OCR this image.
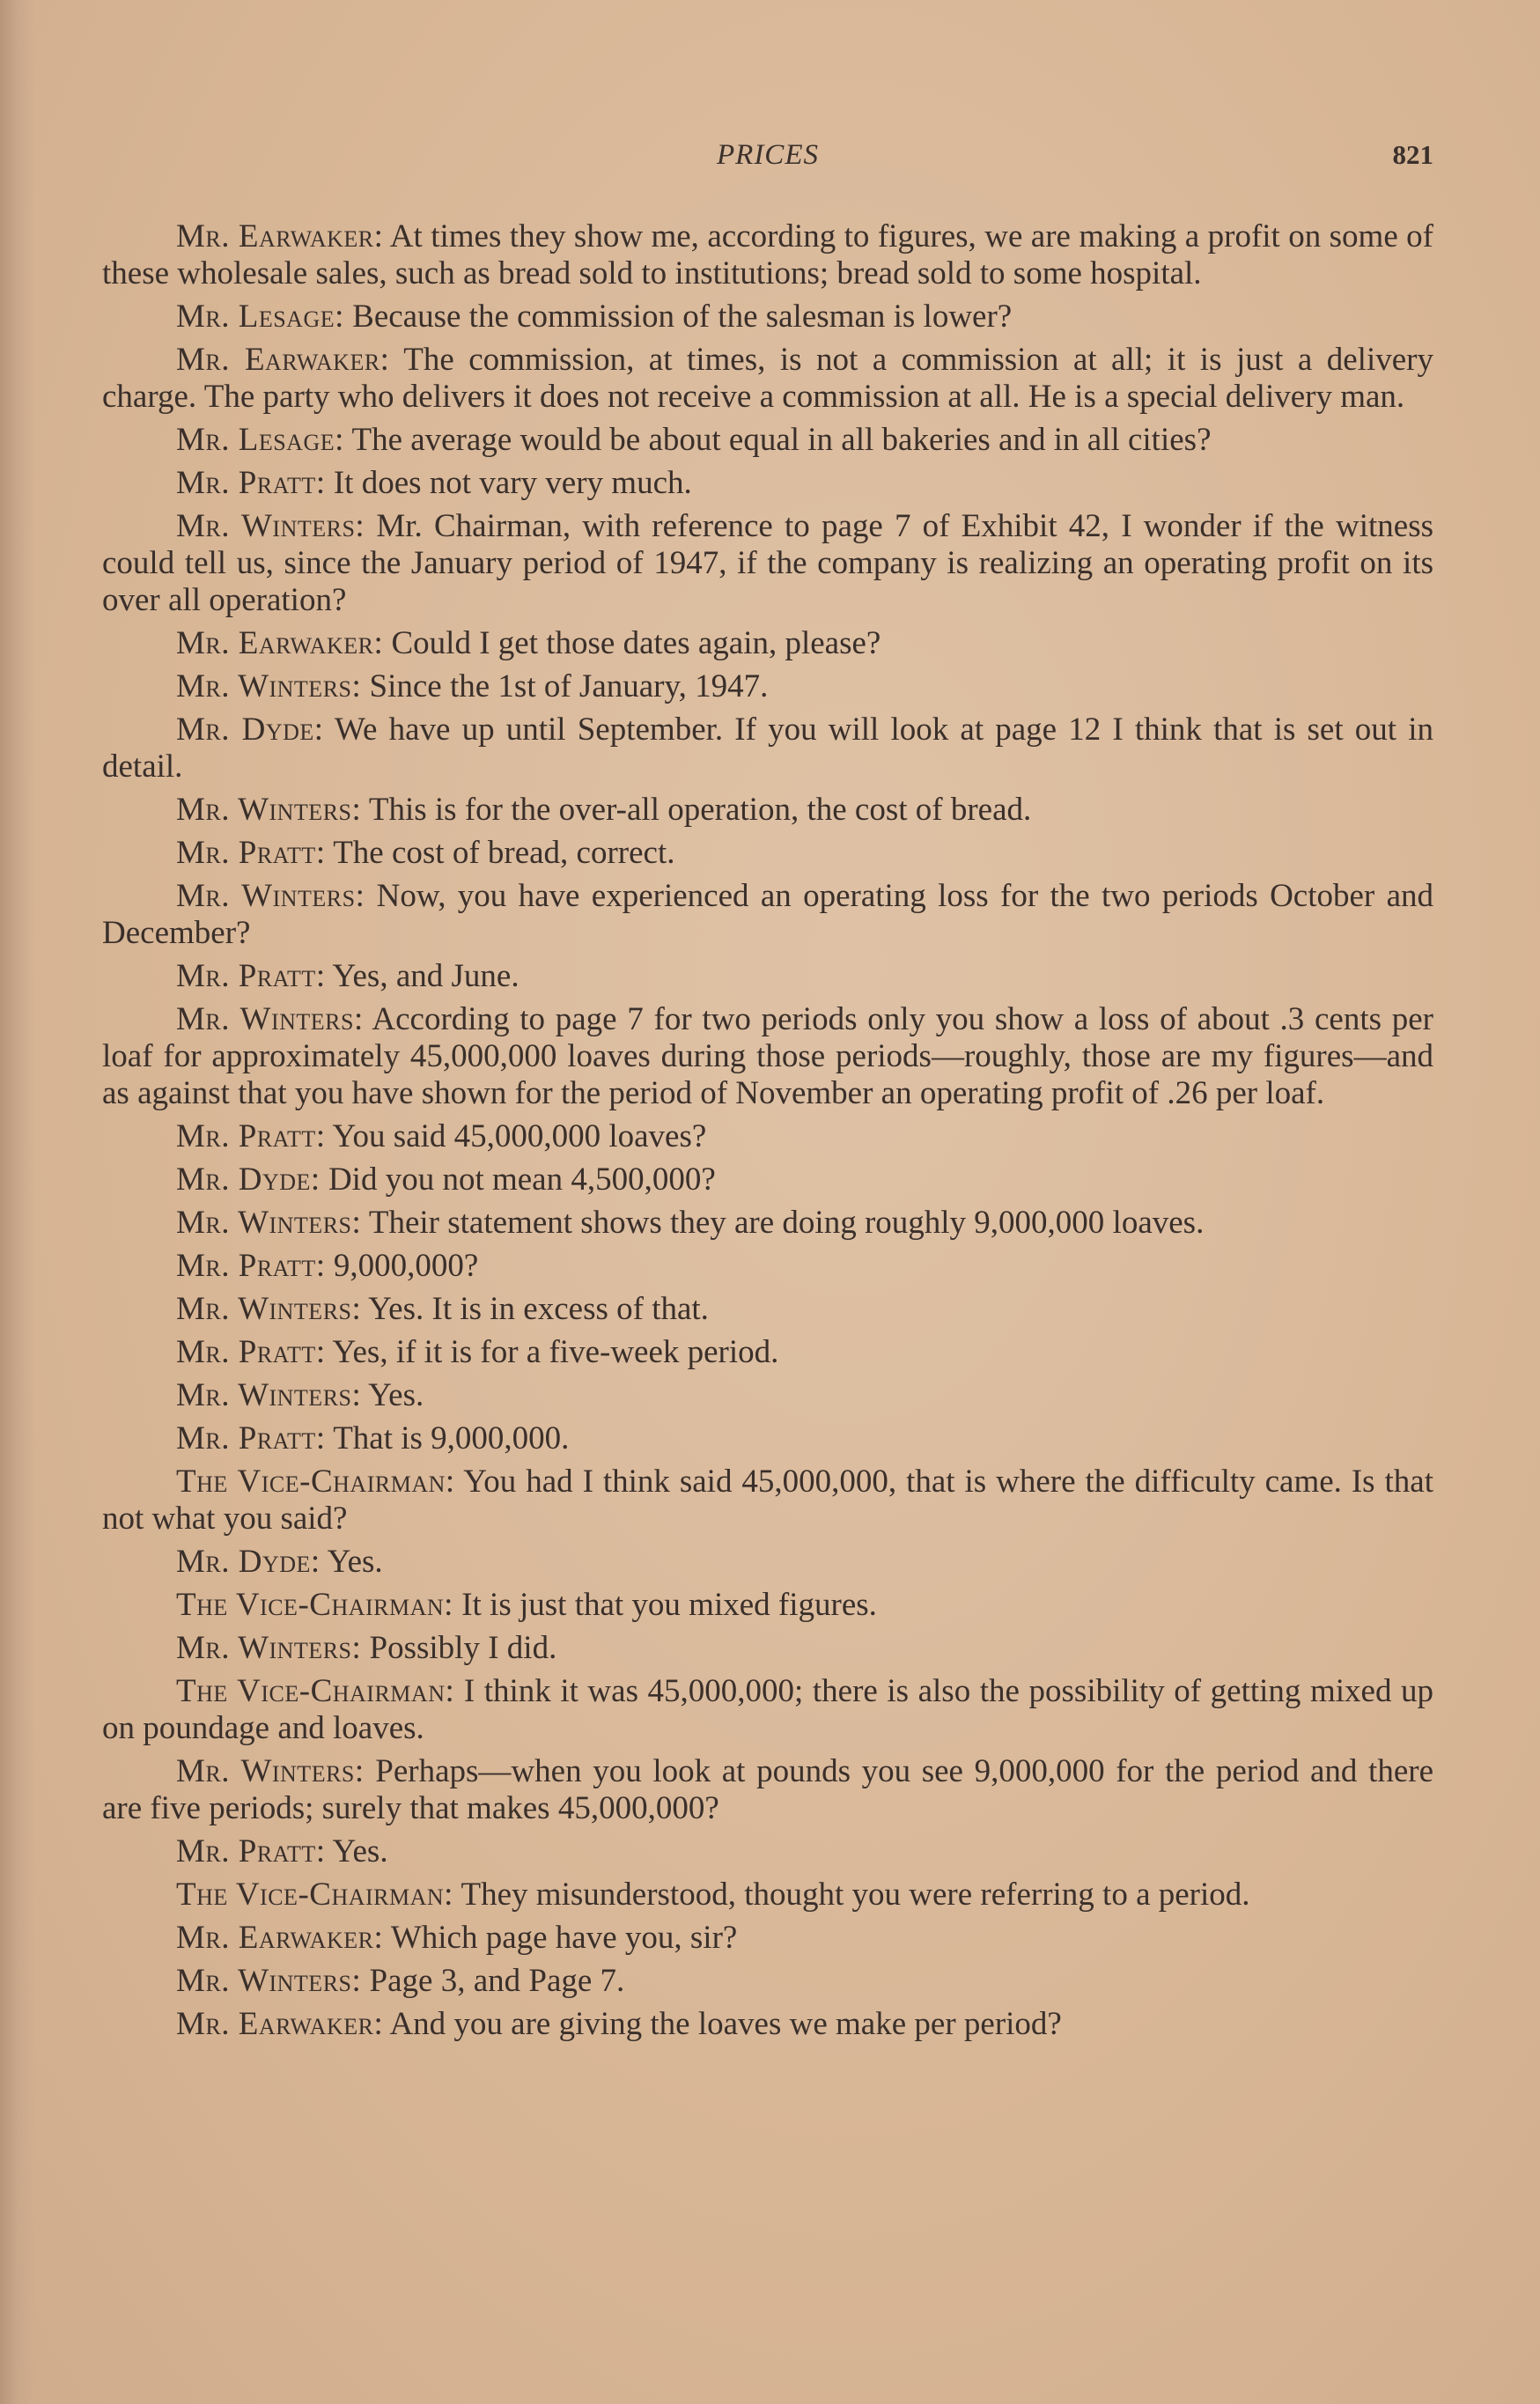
PRICES	821

Mr. Earwaker: At times they show me, according to figures, we are making a profit on some of these wholesale sales, such as bread sold to institutions; bread sold to some hospital.

Mr. Lesage: Because the commission of the salesman is lower?

Mr. Earwaker: The commission, at times, is not a commission at all; it is just a delivery charge. The party who delivers it does not receive a commission at all. He is a special delivery man.

Mr. Lesage: The average would be about equal in all bakeries and in all cities?

Mr. Pratt: It does not vary very much.

Mr. Winters: Mr. Chairman, with reference to page 7 of Exhibit 42, I wonder if the witness could tell us, since the January period of 1947, if the company is realizing an operating profit on its over all operation?

Mr. Earwaker: Could I get those dates again, please?

Mr. Winters: Since the 1st of January, 1947.

Mr. Dyde: We have up until September. If you will look at page 12 I think that is set out in detail.

Mr. Winters: This is for the over-all operation, the cost of bread.

Mr. Pratt: The cost of bread, correct.

Mr. Winters: Now, you have experienced an operating loss for the two periods October and December?

Mr. Pratt: Yes, and June.

Mr. Winters: According to page 7 for two periods only you show a loss of about .3 cents per loaf for approximately 45,000,000 loaves during those periods—roughly, those are my figures—and as against that you have shown for the period of November an operating profit of .26 per loaf.

Mr. Pratt: You said 45,000,000 loaves?

Mr. Dyde: Did you not mean 4,500,000?

Mr. Winters: Their statement shows they are doing roughly 9,000,000 loaves.

Mr. Pratt: 9,000,000?

Mr. Winters: Yes. It is in excess of that.

Mr. Pratt: Yes, if it is for a five-week period.

Mr. Winters: Yes.

Mr. Pratt: That is 9,000,000.

The Vice-Chairman: You had I think said 45,000,000, that is where the difficulty came. Is that not what you said?

Mr. Dyde: Yes.

The Vice-Chairman: It is just that you mixed figures.

Mr. Winters: Possibly I did.

The Vice-Chairman: I think it was 45,000,000; there is also the possibility of getting mixed up on poundage and loaves.

Mr. Winters: Perhaps—when you look at pounds you see 9,000,000 for the period and there are five periods; surely that makes 45,000,000?

Mr. Pratt: Yes.

The Vice-Chairman: They misunderstood, thought you were referring to a period.

Mr. Earwaker: Which page have you, sir?

Mr. Winters: Page 3, and Page 7.

Mr. Earwaker: And you are giving the loaves we make per period?
